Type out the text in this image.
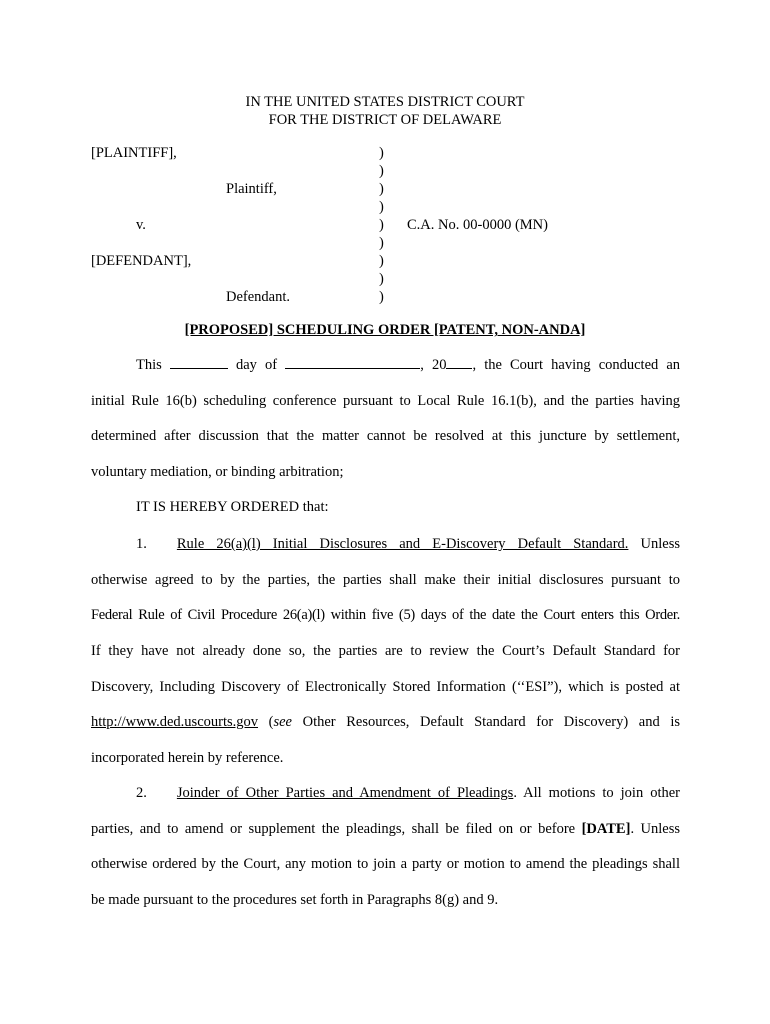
IN THE UNITED STATES DISTRICT COURT
FOR THE DISTRICT OF DELAWARE
[PLAINTIFF],
Plaintiff,
v.
[DEFENDANT],
Defendant.
C.A. No. 00-0000 (MN)
)
)
)
)
)
)
)
)
)
[PROPOSED] SCHEDULING ORDER [PATENT, NON-ANDA]
This	day of	, 20 , the Court having conducted an
initial Rule 16(b) scheduling conference pursuant to Local Rule 16.1(b), and the parties having
determined after discussion that the matter cannot be resolved at this juncture by settlement,
voluntary mediation, or binding arbitration;
IT IS HEREBY ORDERED that:
1. Rule 26(a)(l) Initial Disclosures and E-Discovery Default Standard. Unless
otherwise agreed to by the parties, the parties shall make their initial disclosures pursuant to
Federal Rule of Civil Procedure 26(a)(l) within five (5) days of the date the Court enters this Order.
If they have not already done so, the parties are to review the Court’s Default Standard for
Discovery, Including Discovery of Electronically Stored Information (‘‘ESI”), which is posted at
http://www.ded.uscourts.gov (see Other Resources, Default Standard for Discovery) and is
incorporated herein by reference.
2. Joinder of Other Parties and Amendment of Pleadings. All motions to join other
parties, and to amend or supplement the pleadings, shall be filed on or before [DATE]. Unless
otherwise ordered by the Court, any motion to join a party or motion to amend the pleadings shall
be made pursuant to the procedures set forth in Paragraphs 8(g) and 9.
